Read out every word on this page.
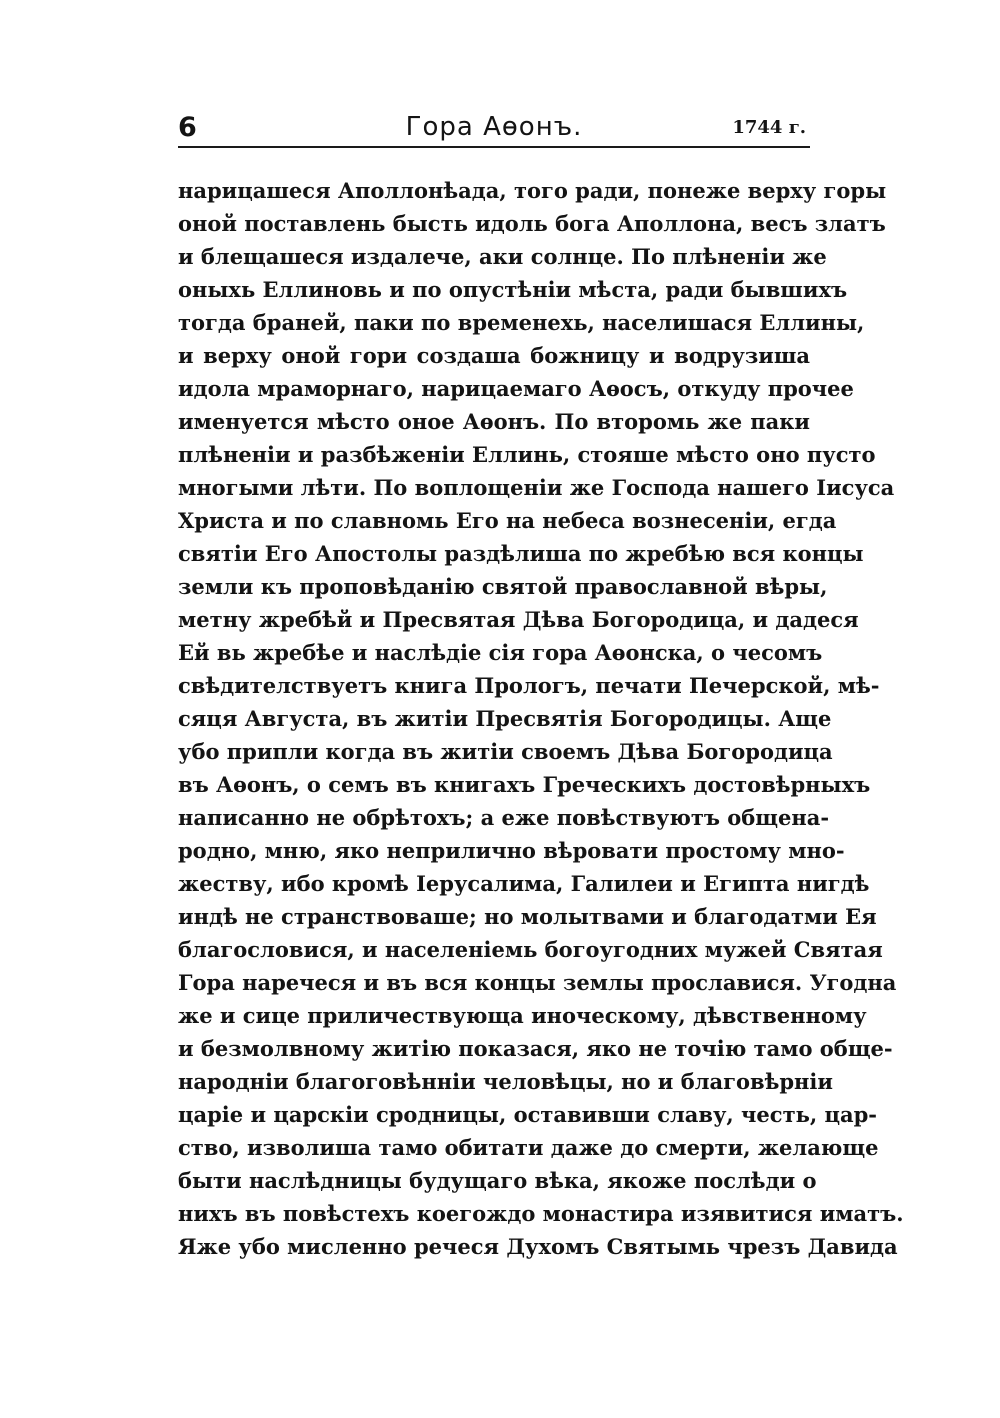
6	Гора Аѳонъ.	1744 г.
нарицашеся Аполлонѣада, того ради, понеже верху горы
оной поставлень бысть идоль бога Аполлона, весъ златъ
и блещашеся издалече, аки солнце. По плѣненіи же
оныхь Еллиновь и по опустѣніи мѣста, ради бывшихъ
тогда браней, паки по временехь, населишася Еллины,
и верху оной гори создаша божницу и водрузиша
идола мраморнаго, нарицаемаго Аѳосъ, откуду прочее
именуется мѣсто оное Аѳонъ. По второмь же паки
плѣненіи и разбѣженіи Еллинь, стояше мѣсто оно пусто
многыми лѣти. По воплощеніи же Господа нашего Іисуса
Христа и по славномь Его на небеса вознесеніи, егда
святіи Его Апостолы раздѣлиша по жребѣю вся концы
земли къ проповѣданію святой православной вѣры,
метну жребѣй и Пресвятая Дѣва Богородица, и дадеся
Ей вь жребѣе и наслѣдіе сія гора Аѳонска, о чесомъ
свѣдителствуетъ книга Прологъ, печати Печерской, мѣ-
сяця Августа, въ житіи Пресвятія Богородицы. Аще
убо припли когда въ житіи своемъ Дѣва Богородица
въ Аѳонъ, о семъ въ книгахъ Греческихъ достовѣрныхъ
написанно не обрѣтохъ; а еже повѣствуютъ общена-
родно, мню, яко неприлично вѣровати простому мно-
жеству, ибо кромѣ Іерусалима, Галилеи и Египта нигдѣ
индѣ не странствоваше; но молытвами и благодатми Ея
благословися, и населеніемь богоугодних мужей Святая
Гора наречеся и въ вся концы землы прославися. Угодна
же и сице приличествующа иноческому, дѣвственному
и безмолвному житію показася, яко не точію тамо обще-
народніи благоговѣнніи человѣцы, но и благовѣрніи
царіе и царскіи сродницы, оставивши славу, честь, цар-
ство, изволиша тамо обитати даже до смерти, желающе
быти наслѣдницы будущаго вѣка, якоже послѣди о
нихъ въ повѣстехъ коегождо монастира изявитися иматъ.
Яже убо мисленно речеся Духомъ Святымь чрезъ Давида
